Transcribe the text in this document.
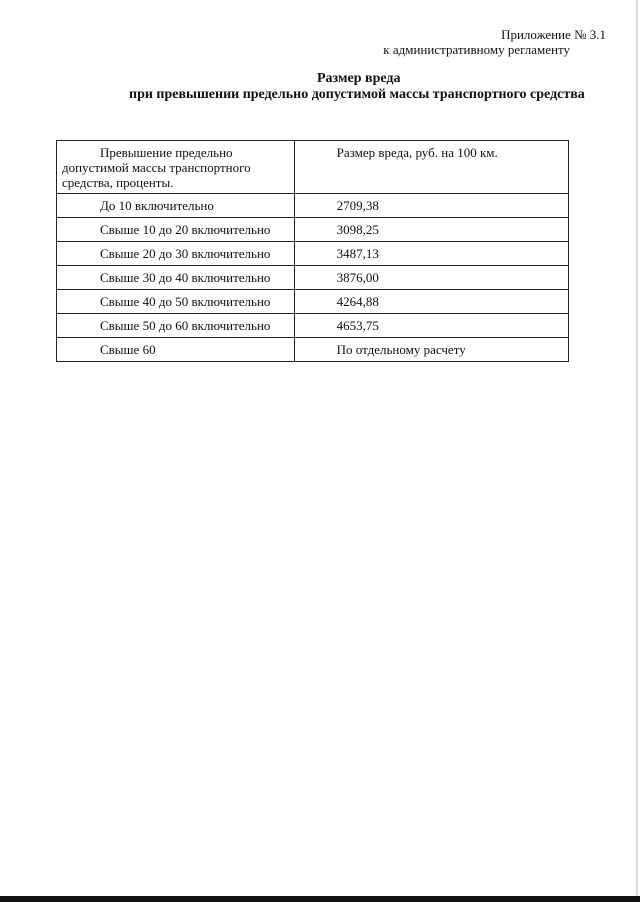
Приложение № 3.1
к административному регламенту
Размер вреда
при превышении предельно допустимой массы транспортного средства
Превышение предельно
допустимой массы транспортного
средства, проценты.	Размер вреда, руб. на 100 км.
До 10 включительно	2709,38
Свыше 10 до 20 включительно	3098,25
Свыше 20 до 30 включительно	3487,13
Свыше 30 до 40 включительно	3876,00
Свыше 40 до 50 включительно	4264,88
Свыше 50 до 60 включительно	4653,75
Свыше 60	По отдельному расчету
